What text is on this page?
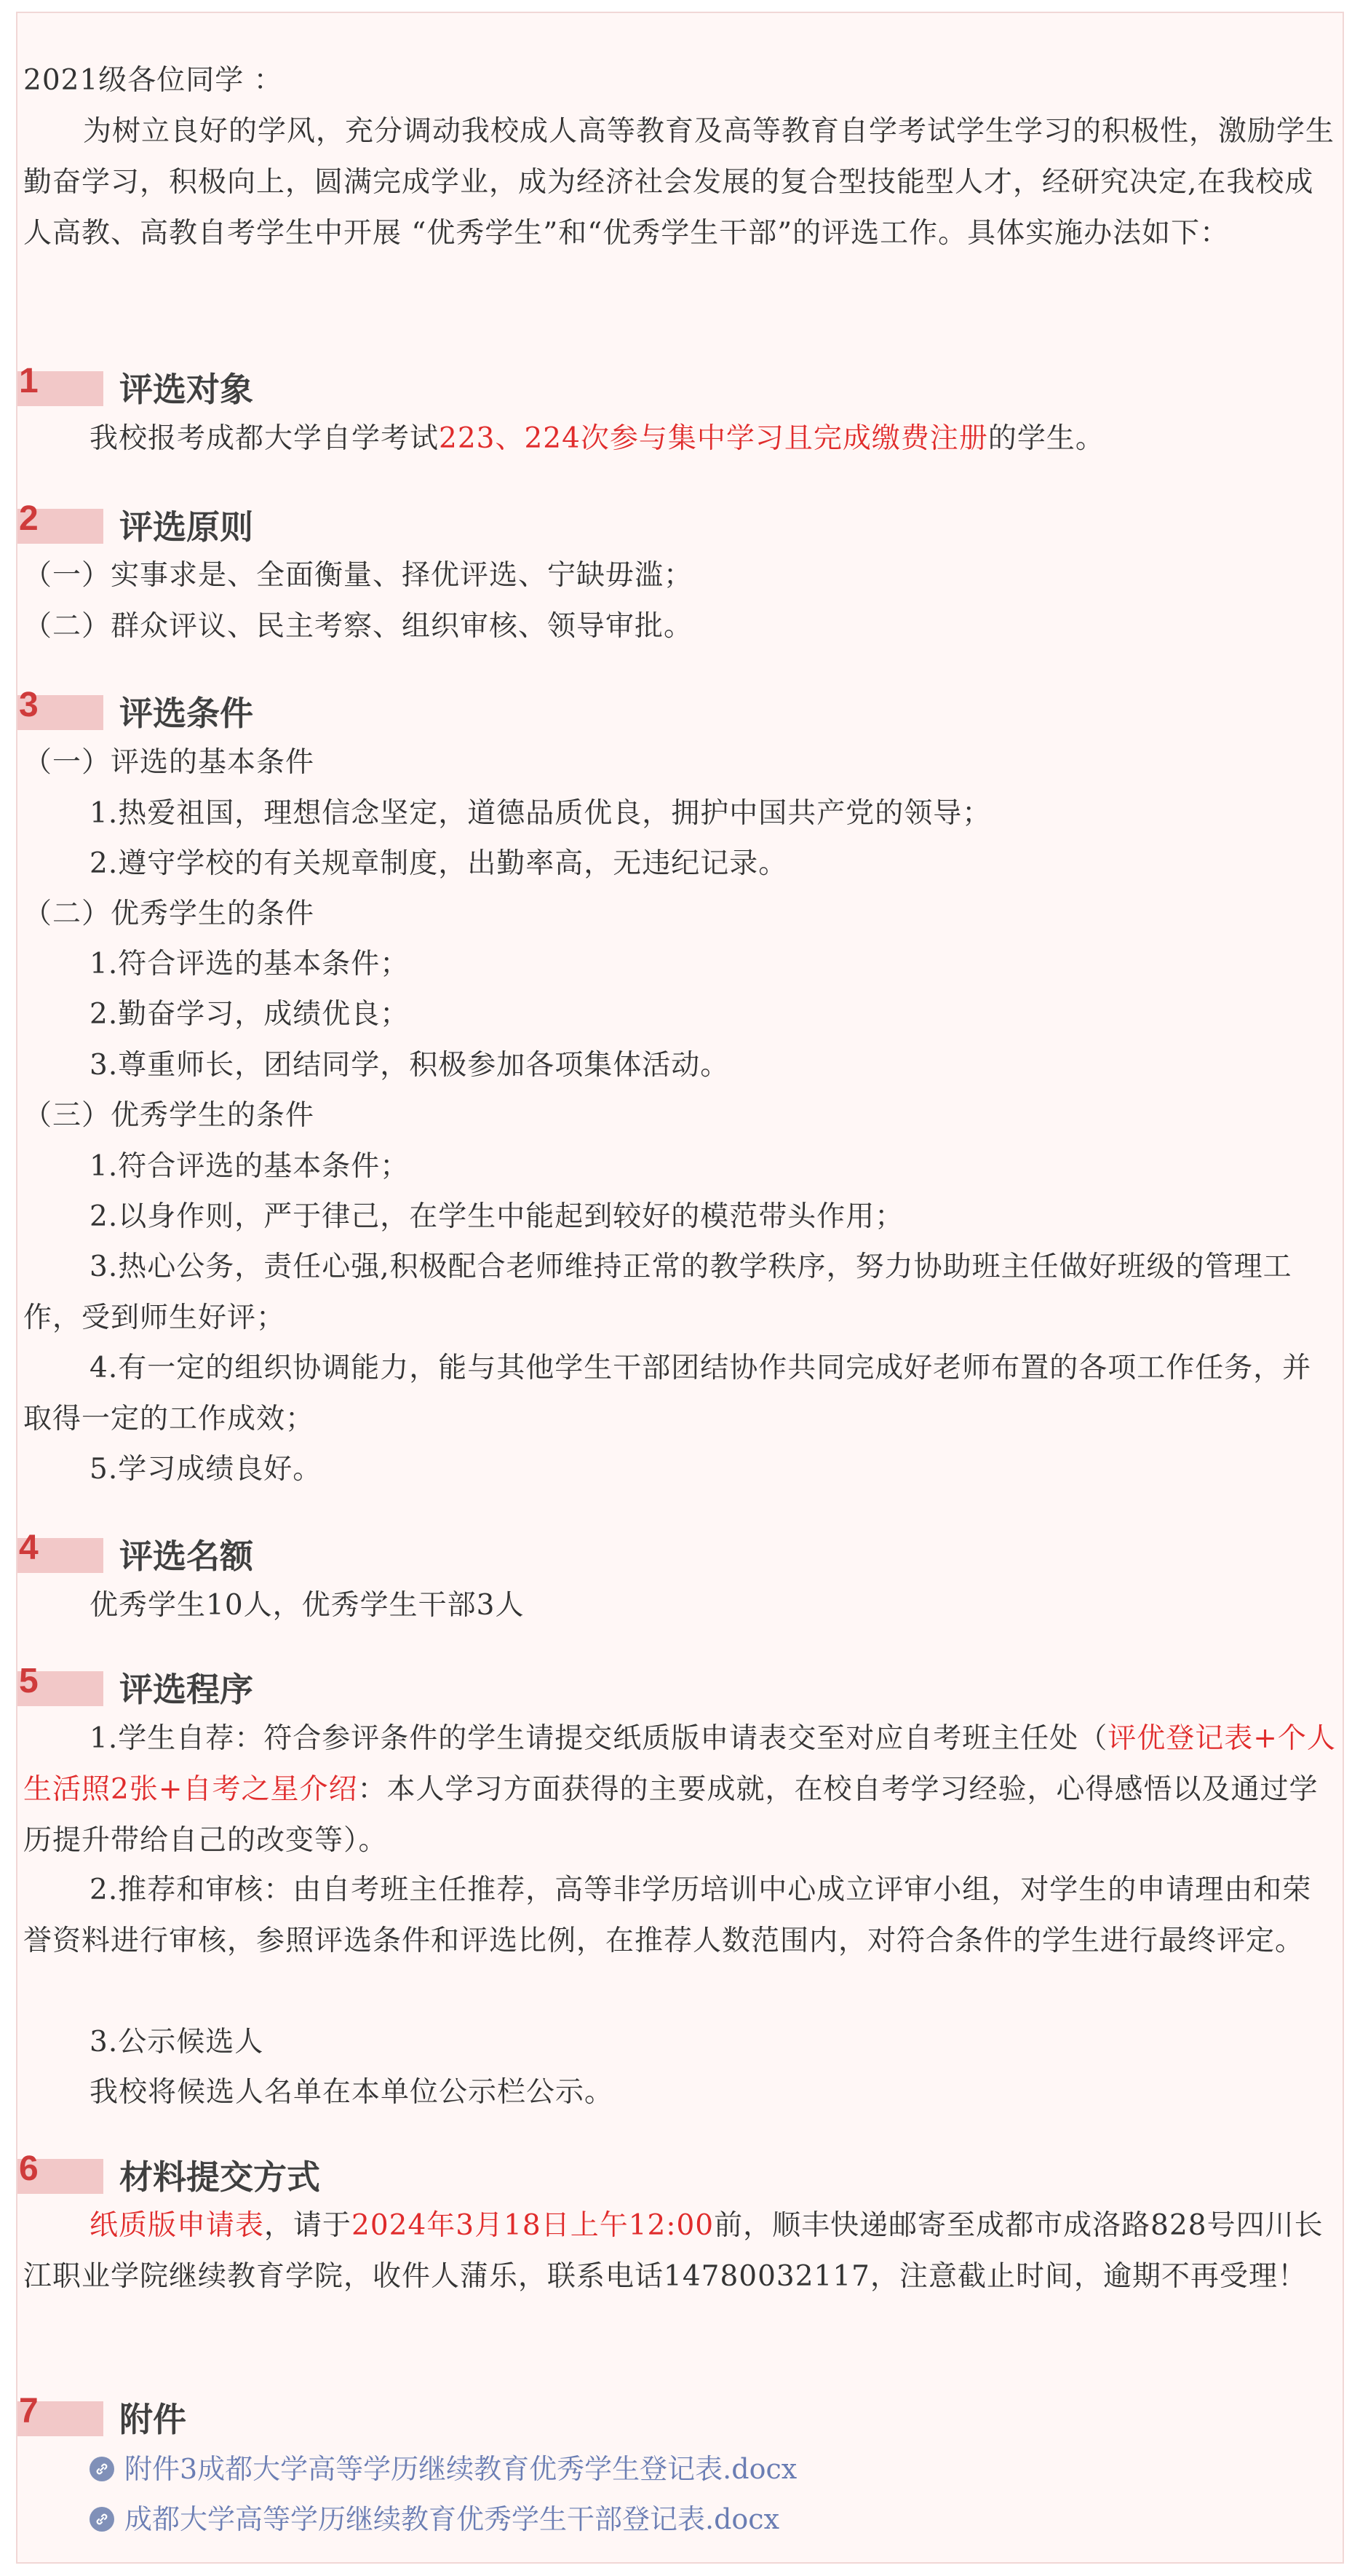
2021级各位同学 ：

为树立良好的学风，充分调动我校成人高等教育及高等教育自学考试学生学习的积极性，激励学生勤奋学习，积极向上，圆满完成学业，成为经济社会发展的复合型技能型人才，经研究决定,在我校成人高教、高教自考学生中开展 “优秀学生”和“优秀学生干部”的评选工作。具体实施办法如下：

1 评选对象
我校报考成都大学自学考试223、224次参与集中学习且完成缴费注册的学生。
2 评选原则
（一）实事求是、全面衡量、择优评选、宁缺毋滥；
（二）群众评议、民主考察、组织审核、领导审批。
3 评选条件
（一）评选的基本条件
1.热爱祖国，理想信念坚定，道德品质优良，拥护中国共产党的领导；
2.遵守学校的有关规章制度，出勤率高，无违纪记录。
（二）优秀学生的条件
1.符合评选的基本条件；
2.勤奋学习，成绩优良；
3.尊重师长，团结同学，积极参加各项集体活动。
（三）优秀学生的条件
1.符合评选的基本条件；
2.以身作则，严于律己，在学生中能起到较好的模范带头作用；
3.热心公务，责任心强,积极配合老师维持正常的教学秩序，努力协助班主任做好班级的管理工作，受到师生好评；
4.有一定的组织协调能力，能与其他学生干部团结协作共同完成好老师布置的各项工作任务，并取得一定的工作成效；
5.学习成绩良好。
4 评选名额
优秀学生10人，优秀学生干部3人
5 评选程序
1.学生自荐：符合参评条件的学生请提交纸质版申请表交至对应自考班主任处（评优登记表+个人生活照2张+自考之星介绍：本人学习方面获得的主要成就，在校自考学习经验，心得感悟以及通过学历提升带给自己的改变等）。
2.推荐和审核：由自考班主任推荐，高等非学历培训中心成立评审小组，对学生的申请理由和荣誉资料进行审核，参照评选条件和评选比例，在推荐人数范围内，对符合条件的学生进行最终评定。
3.公示候选人
我校将候选人名单在本单位公示栏公示。
6 材料提交方式
纸质版申请表，请于2024年3月18日上午12:00前，顺丰快递邮寄至成都市成洛路828号四川长江职业学院继续教育学院，收件人蒲乐，联系电话14780032117，注意截止时间，逾期不再受理！
7 附件
附件3成都大学高等学历继续教育优秀学生登记表.docx
成都大学高等学历继续教育优秀学生干部登记表.docx
